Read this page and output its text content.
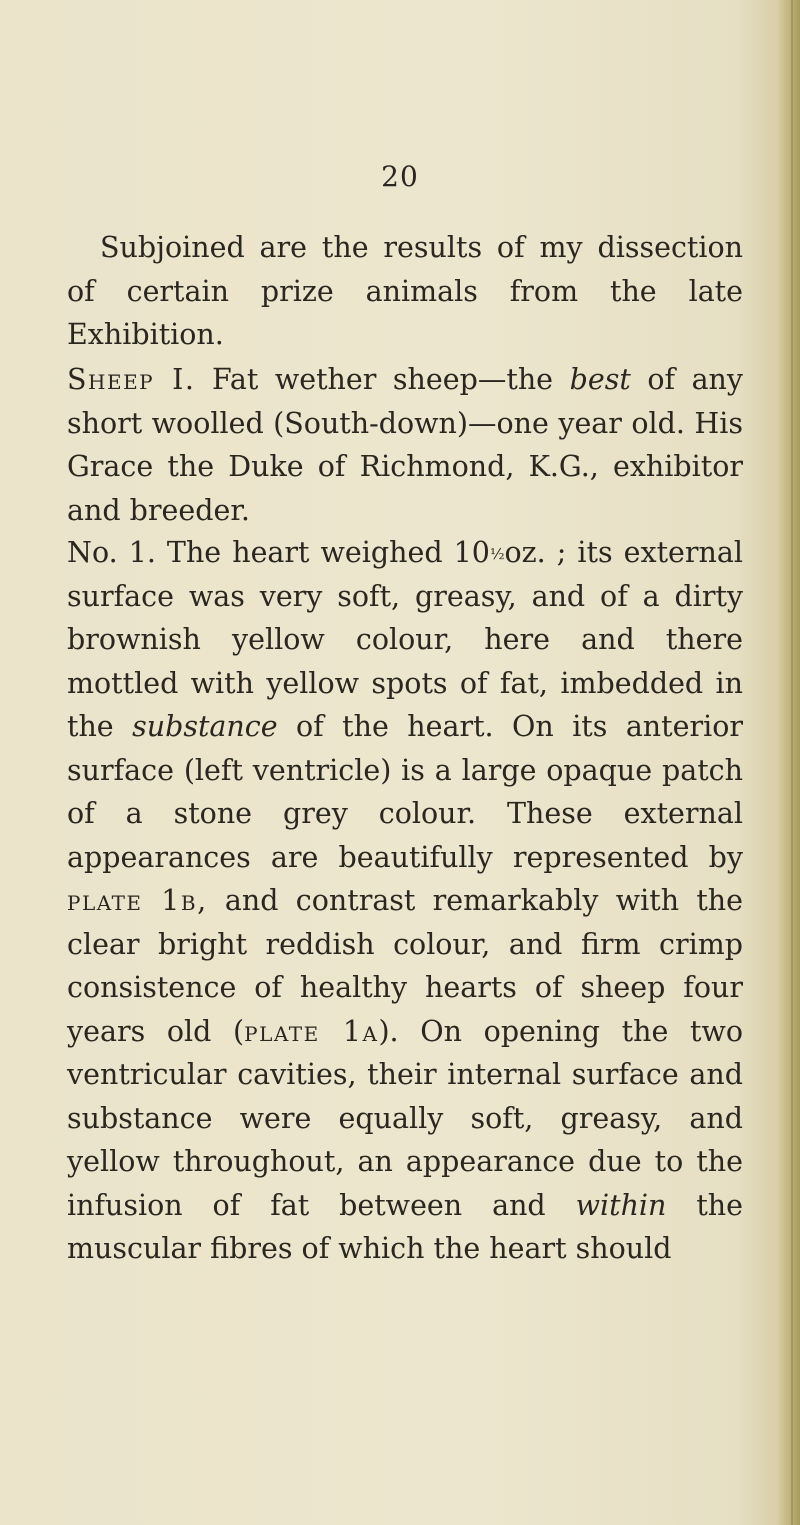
20

Subjoined are the results of my dissection of certain prize animals from the late Exhibition.

Sheep I. Fat wether sheep—the best of any short woolled (South-down)—one year old. His Grace the Duke of Richmond, K.G., exhibitor and breeder.

No. 1. The heart weighed 10½oz. ; its external surface was very soft, greasy, and of a dirty brownish yellow colour, here and there mottled with yellow spots of fat, imbedded in the substance of the heart. On its anterior surface (left ventricle) is a large opaque patch of a stone grey colour. These external appearances are beautifully represented by plate 1b, and contrast remarkably with the clear bright reddish colour, and firm crimp consistence of healthy hearts of sheep four years old (plate 1a). On opening the two ventricular cavities, their internal surface and substance were equally soft, greasy, and yellow throughout, an appearance due to the infusion of fat between and within the muscular fibres of which the heart should
